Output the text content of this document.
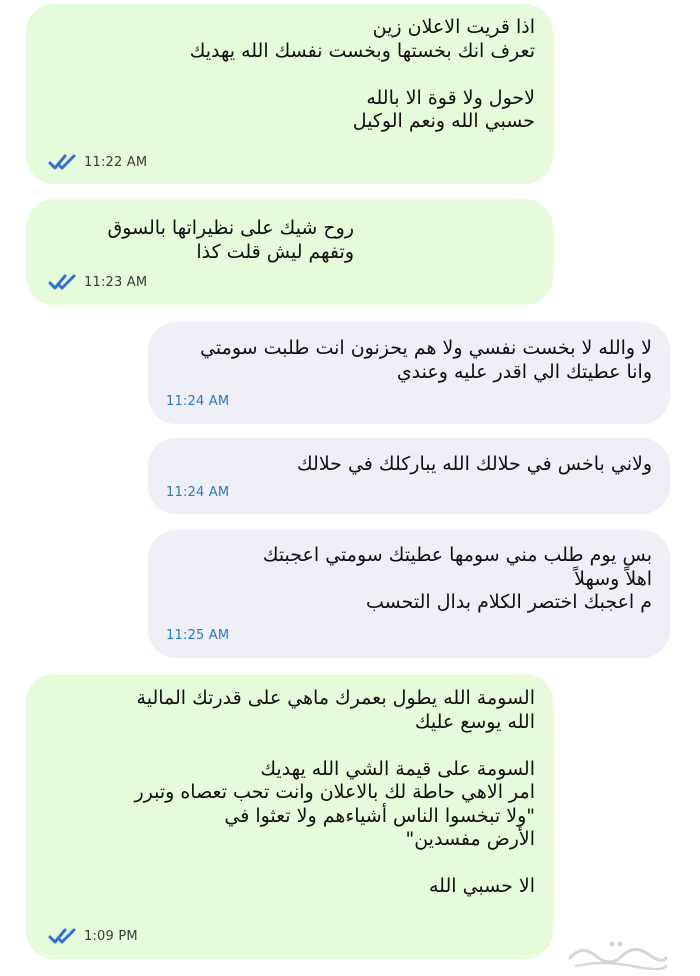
اذا قريت الاعلان زين
تعرف انك بخستها وبخست نفسك الله يهديك

لاحول ولا قوة الا بالله
حسبي الله ونعم الوكيل
11:22 AM
روح شيك على نظيراتها بالسوق
وتفهم ليش قلت كذا
11:23 AM
لا والله لا بخست نفسي ولا هم يحزنون انت طلبت سومتي
وانا عطيتك الي اقدر عليه وعندي
11:24 AM
ولاني باخس في حلالك الله يباركلك في حلالك
11:24 AM
بس يوم طلب مني سومها عطيتك سومتي اعجبتك
اهلاً وسهلاً
م اعجبك اختصر الكلام بدال التحسب
11:25 AM
السومة الله يطول بعمرك ماهي على قدرتك المالية
الله يوسع عليك

السومة على قيمة الشي الله يهديك
امر الاهي حاطة لك بالاعلان وانت تحب تعصاه وتبرر
"ولا تبخسوا الناس أشياءهم ولا تعثوا في
الأرض مفسدين"

الا حسبي الله
1:09 PM
